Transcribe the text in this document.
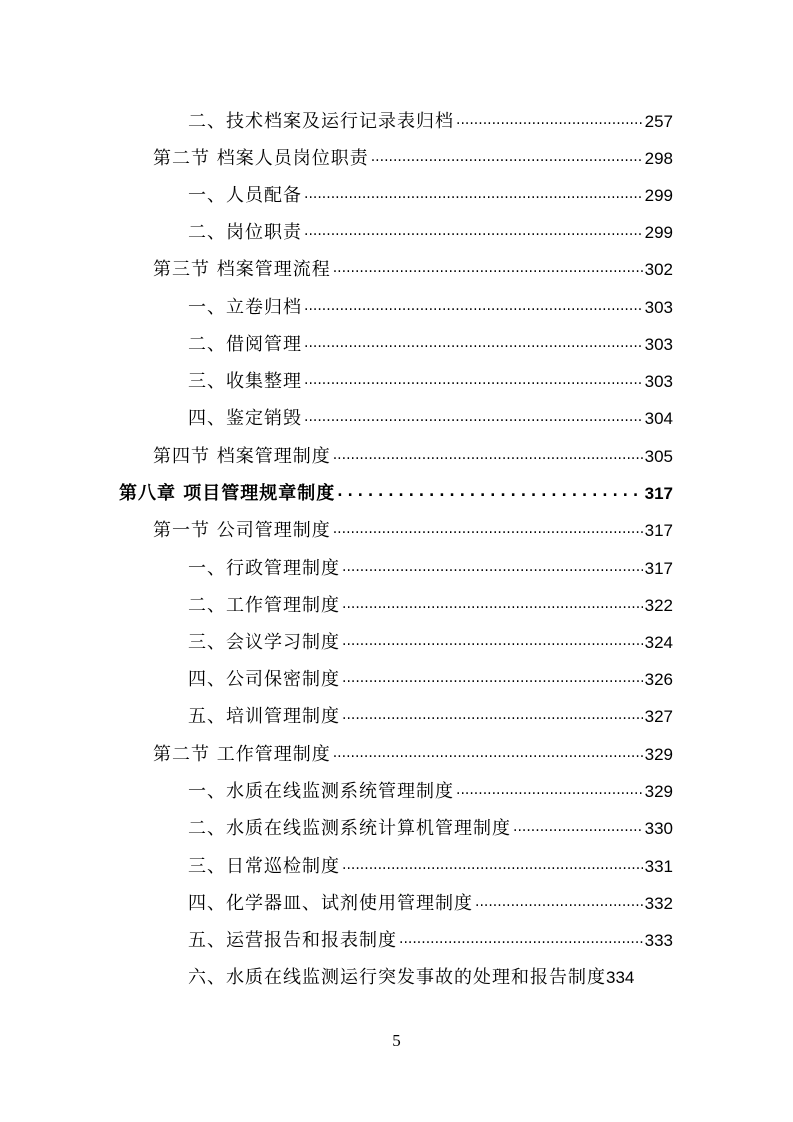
二、技术档案及运行记录表归档 .....	257
第二节 档案人员岗位职责 .....	298
一、人员配备 .....	299
二、岗位职责 .....	299
第三节 档案管理流程 .....	302
一、立卷归档 .....	303
二、借阅管理 .....	303
三、收集整理 .....	303
四、鉴定销毁 .....	304
第四节 档案管理制度 .....	305
第八章 项目管理规章制度 . . .	317
第一节 公司管理制度 .....	317
一、行政管理制度 .....	317
二、工作管理制度 .....	322
三、会议学习制度 .....	324
四、公司保密制度 .....	326
五、培训管理制度 .....	327
第二节 工作管理制度 .....	329
一、水质在线监测系统管理制度 .....	329
二、水质在线监测系统计算机管理制度 .....	330
三、日常巡检制度 .....	331
四、化学器皿、试剂使用管理制度 .....	332
五、运营报告和报表制度 .....	333
六、水质在线监测运行突发事故的处理和报告制度 334
5
